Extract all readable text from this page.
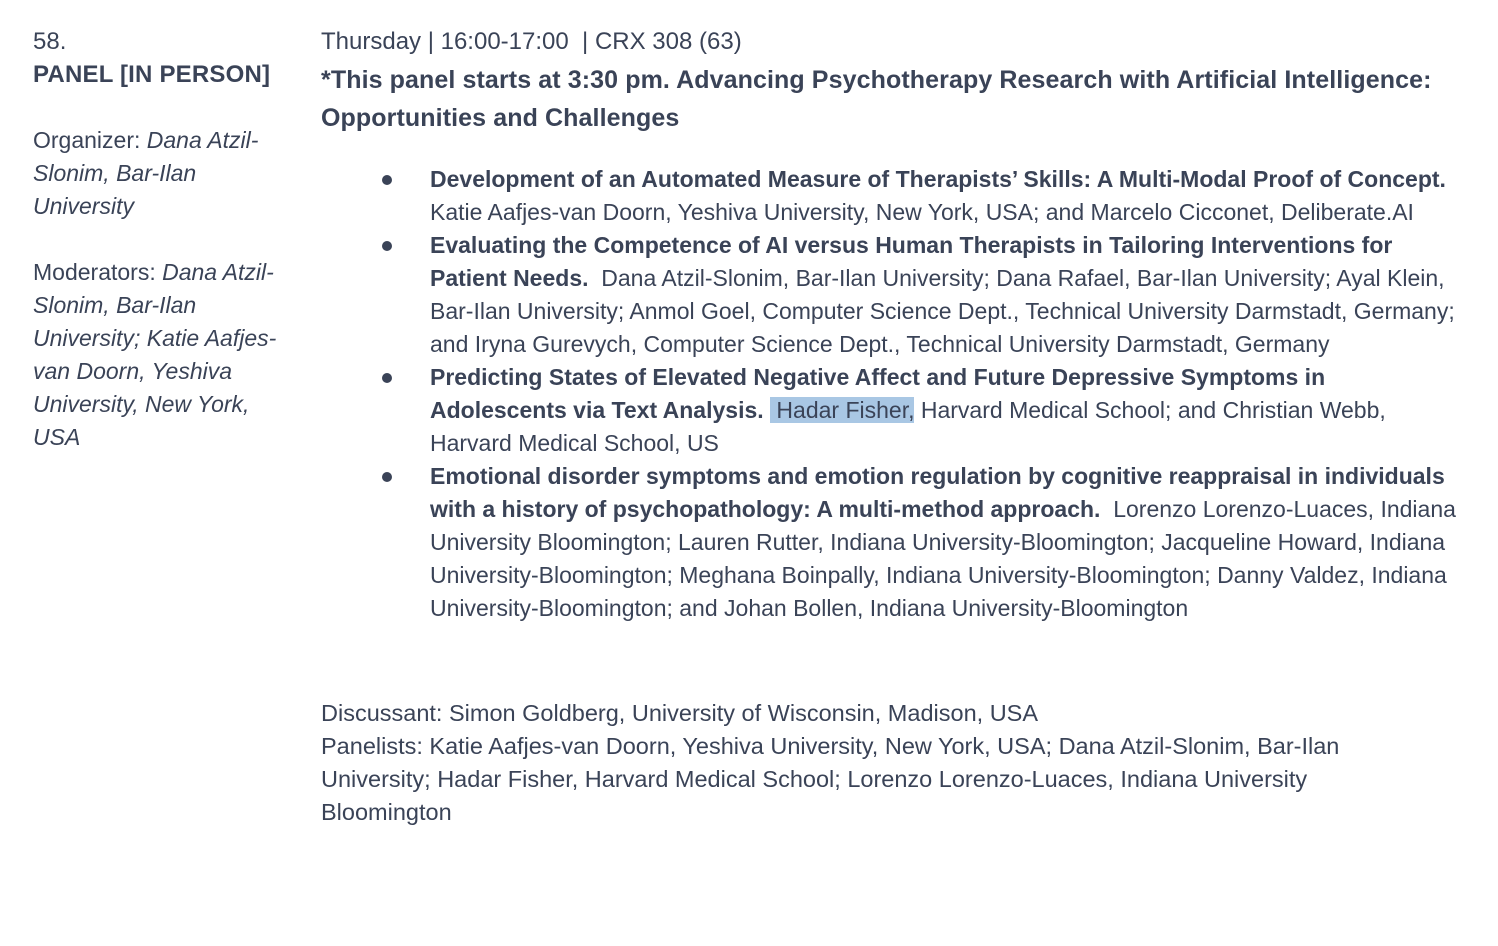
58.
PANEL [IN PERSON]

Organizer: Dana Atzil-Slonim, Bar-Ilan University

Moderators: Dana Atzil-Slonim, Bar-Ilan University; Katie Aafjes-van Doorn, Yeshiva University, New York, USA

Thursday | 16:00-17:00  | CRX 308 (63)
*This panel starts at 3:30 pm. Advancing Psychotherapy Research with Artificial Intelligence: Opportunities and Challenges

Development of an Automated Measure of Therapists’ Skills: A Multi-Modal Proof of Concept.  Katie Aafjes-van Doorn, Yeshiva University, New York, USA; and Marcelo Cicconet, Deliberate.AI

Evaluating the Competence of AI versus Human Therapists in Tailoring Interventions for Patient Needs.  Dana Atzil-Slonim, Bar-Ilan University; Dana Rafael, Bar-Ilan University; Ayal Klein, Bar-Ilan University; Anmol Goel, Computer Science Dept., Technical University Darmstadt, Germany; and Iryna Gurevych, Computer Science Dept., Technical University Darmstadt, Germany

Predicting States of Elevated Negative Affect and Future Depressive Symptoms in Adolescents via Text Analysis.  Hadar Fisher, Harvard Medical School; and Christian Webb, Harvard Medical School, US

Emotional disorder symptoms and emotion regulation by cognitive reappraisal in individuals with a history of psychopathology: A multi-method approach.  Lorenzo Lorenzo-Luaces, Indiana University Bloomington; Lauren Rutter, Indiana University-Bloomington; Jacqueline Howard, Indiana University-Bloomington; Meghana Boinpally, Indiana University-Bloomington; Danny Valdez, Indiana University-Bloomington; and Johan Bollen, Indiana University-Bloomington

Discussant: Simon Goldberg, University of Wisconsin, Madison, USA

Panelists: Katie Aafjes-van Doorn, Yeshiva University, New York, USA; Dana Atzil-Slonim, Bar-Ilan University; Hadar Fisher, Harvard Medical School; Lorenzo Lorenzo-Luaces, Indiana University Bloomington
